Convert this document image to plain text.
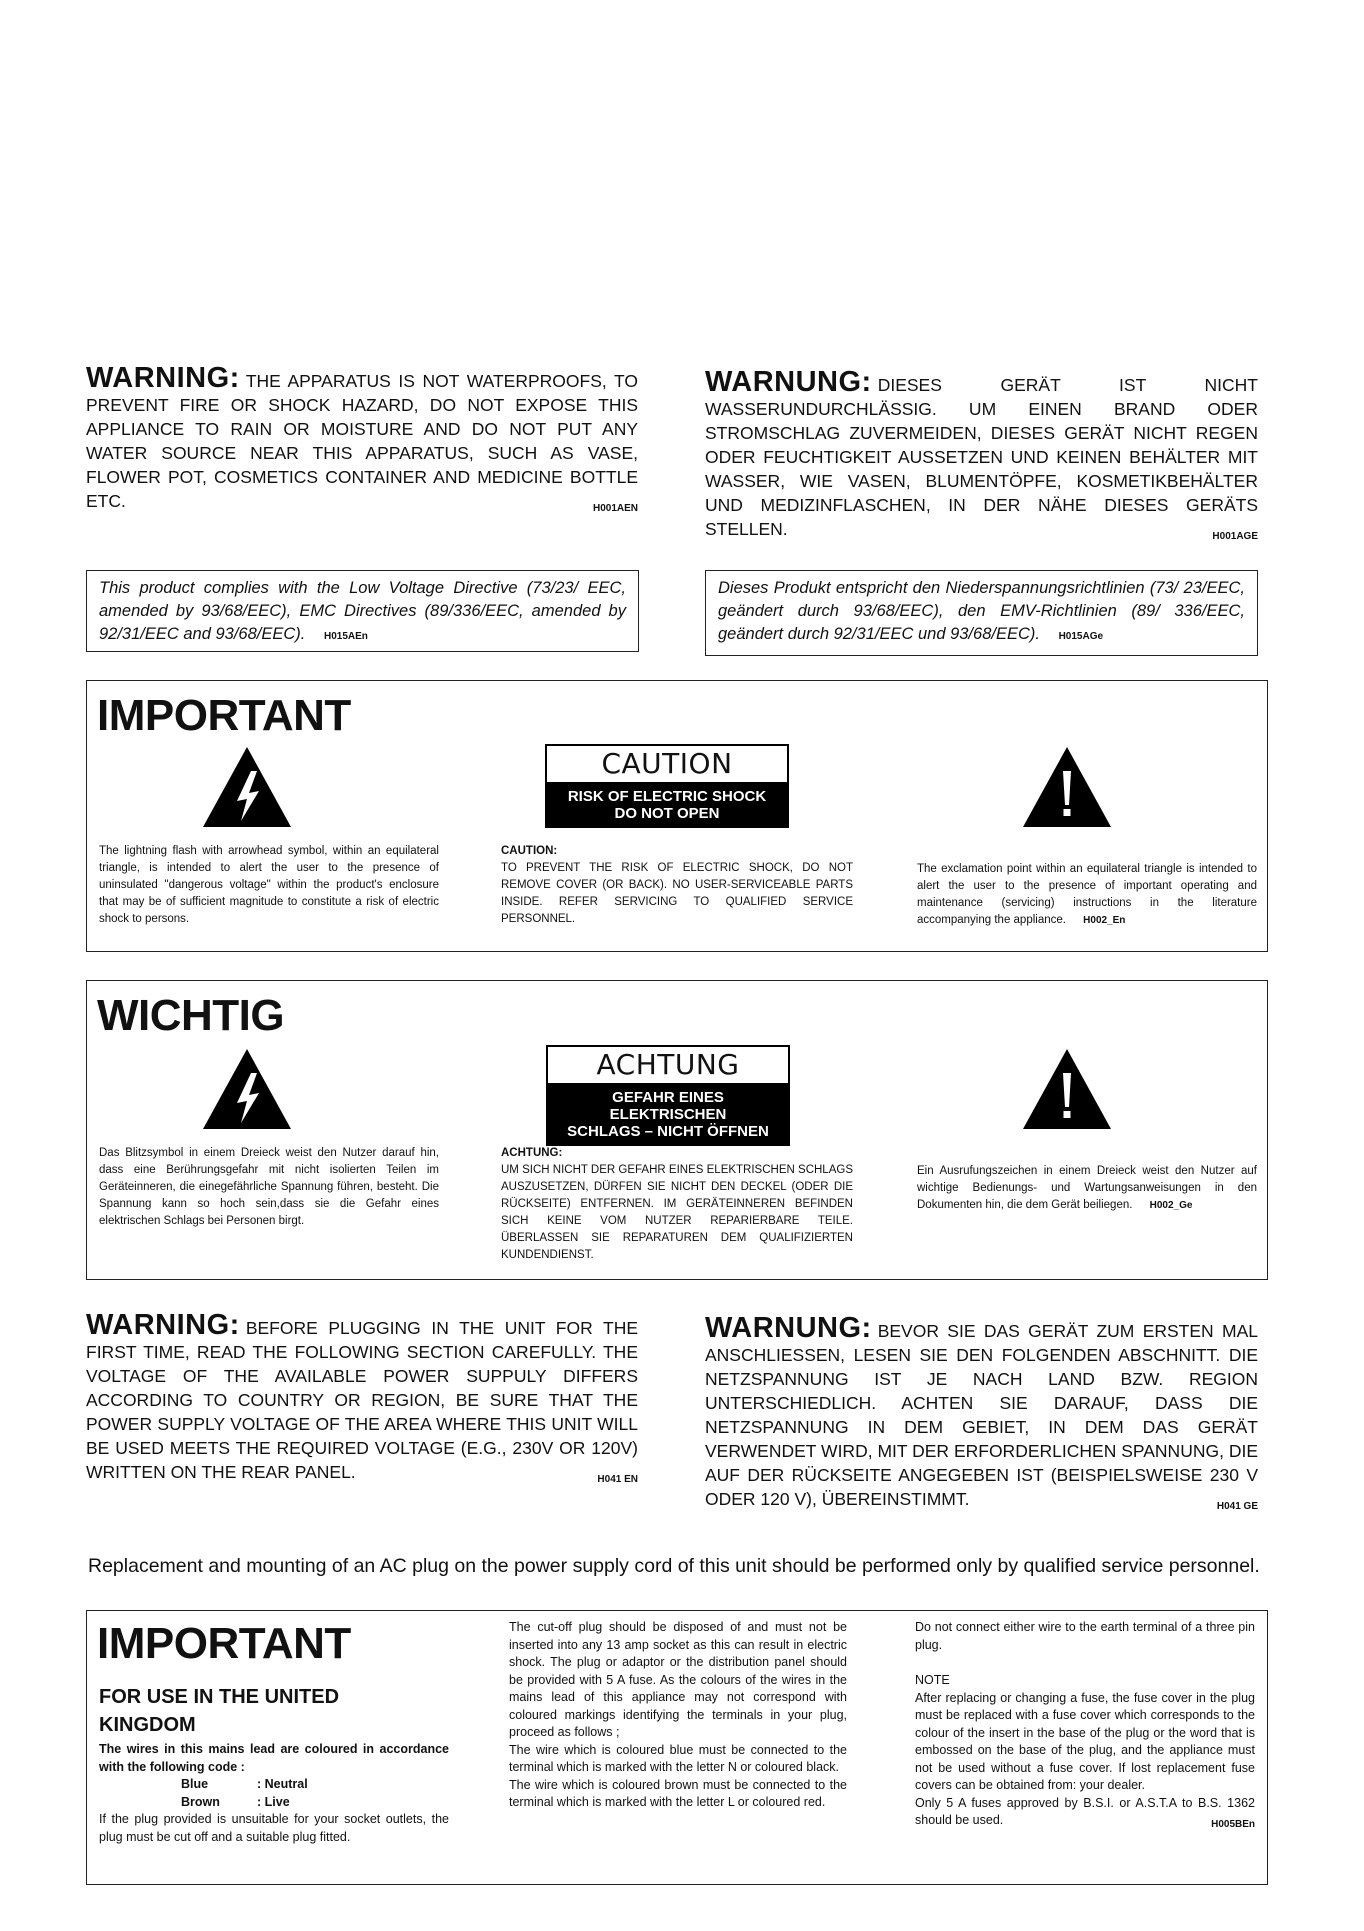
WARNING: THE APPARATUS IS NOT WATERPROOFS, TO PREVENT FIRE OR SHOCK HAZARD, DO NOT EXPOSE THIS APPLIANCE TO RAIN OR MOISTURE AND DO NOT PUT ANY WATER SOURCE NEAR THIS APPARATUS, SUCH AS VASE, FLOWER POT, COSMETICS CONTAINER AND MEDICINE BOTTLE ETC.	H001AEN
WARNUNG: DIESES GERÄT IST NICHT WASSERUNDURCHLÄSSIG. UM EINEN BRAND ODER STROMSCHLAG ZUVERMEIDEN, DIESES GERÄT NICHT REGEN ODER FEUCHTIGKEIT AUSSETZEN UND KEINEN BEHÄLTER MIT WASSER, WIE VASEN, BLUMENTÖPFE, KOSMETIKBEHÄLTER UND MEDIZINFLASCHEN, IN DER NÄHE DIESES GERÄTS STELLEN.	H001AGE
This product complies with the Low Voltage Directive (73/23/ EEC, amended by 93/68/EEC), EMC Directives (89/336/EEC, amended by 92/31/EEC and 93/68/EEC). H015AEn
Dieses Produkt entspricht den Niederspannungsrichtlinien (73/ 23/EEC, geändert durch 93/68/EEC), den EMV-Richtlinien (89/ 336/EEC, geändert durch 92/31/EEC und 93/68/EEC). H015AGe
IMPORTANT
CAUTION
RISK OF ELECTRIC SHOCK
DO NOT OPEN
The lightning flash with arrowhead symbol, within an equilateral triangle, is intended to alert the user to the presence of uninsulated "dangerous voltage" within the product's enclosure that may be of sufficient magnitude to constitute a risk of electric shock to persons.
CAUTION:
TO PREVENT THE RISK OF ELECTRIC SHOCK, DO NOT REMOVE COVER (OR BACK). NO USER-SERVICEABLE PARTS INSIDE. REFER SERVICING TO QUALIFIED SERVICE PERSONNEL.
The exclamation point within an equilateral triangle is intended to alert the user to the presence of important operating and maintenance (servicing) instructions in the literature accompanying the appliance. H002_En
WICHTIG
ACHTUNG
GEFAHR EINES ELEKTRISCHEN
SCHLAGS – NICHT ÖFFNEN
Das Blitzsymbol in einem Dreieck weist den Nutzer darauf hin, dass eine Berührungsgefahr mit nicht isolierten Teilen im Geräteinneren, die einegefährliche Spannung führen, besteht. Die Spannung kann so hoch sein,dass sie die Gefahr eines elektrischen Schlags bei Personen birgt.
ACHTUNG:
UM SICH NICHT DER GEFAHR EINES ELEKTRISCHEN SCHLAGS AUSZUSETZEN, DÜRFEN SIE NICHT DEN DECKEL (ODER DIE RÜCKSEITE) ENTFERNEN. IM GERÄTEINNEREN BEFINDEN SICH KEINE VOM NUTZER REPARIERBARE TEILE. ÜBERLASSEN SIE REPARATUREN DEM QUALIFIZIERTEN KUNDENDIENST.
Ein Ausrufungszeichen in einem Dreieck weist den Nutzer auf wichtige Bedienungs- und Wartungsanweisungen in den Dokumenten hin, die dem Gerät beiliegen. H002_Ge
WARNING: BEFORE PLUGGING IN THE UNIT FOR THE FIRST TIME, READ THE FOLLOWING SECTION CAREFULLY. THE VOLTAGE OF THE AVAILABLE POWER SUPPULY DIFFERS ACCORDING TO COUNTRY OR REGION, BE SURE THAT THE POWER SUPPLY VOLTAGE OF THE AREA WHERE THIS UNIT WILL BE USED MEETS THE REQUIRED VOLTAGE (E.G., 230V OR 120V) WRITTEN ON THE REAR PANEL.	H041 EN
WARNUNG: BEVOR SIE DAS GERÄT ZUM ERSTEN MAL ANSCHLIESSEN, LESEN SIE DEN FOLGENDEN ABSCHNITT. DIE NETZSPANNUNG IST JE NACH LAND BZW. REGION UNTERSCHIEDLICH. ACHTEN SIE DARAUF, DASS DIE NETZSPANNUNG IN DEM GEBIET, IN DEM DAS GERÄT VERWENDET WIRD, MIT DER ERFORDERLICHEN SPANNUNG, DIE AUF DER RÜCKSEITE ANGEGEBEN IST (BEISPIELSWEISE 230 V ODER 120 V), ÜBEREINSTIMMT.	H041 GE
Replacement and mounting of an AC plug on the power supply cord of this unit should be performed only by qualified service personnel.
IMPORTANT
FOR USE IN THE UNITED KINGDOM
The wires in this mains lead are coloured in accordance with the following code :
Blue	: Neutral
Brown	: Live
If the plug provided is unsuitable for your socket outlets, the plug must be cut off and a suitable plug fitted.
The cut-off plug should be disposed of and must not be inserted into any 13 amp socket as this can result in electric shock. The plug or adaptor or the distribution panel should be provided with 5 A fuse. As the colours of the wires in the mains lead of this appliance may not correspond with coloured markings identifying the terminals in your plug, proceed as follows ;
The wire which is coloured blue must be connected to the terminal which is marked with the letter N or coloured black.
The wire which is coloured brown must be connected to the terminal which is marked with the letter L or coloured red.
Do not connect either wire to the earth terminal of a three pin plug.
NOTE
After replacing or changing a fuse, the fuse cover in the plug must be replaced with a fuse cover which corresponds to the colour of the insert in the base of the plug or the word that is embossed on the base of the plug, and the appliance must not be used without a fuse cover. If lost replacement fuse covers can be obtained from: your dealer.
Only 5 A fuses approved by B.S.I. or A.S.T.A to B.S. 1362 should be used.	H005BEn
